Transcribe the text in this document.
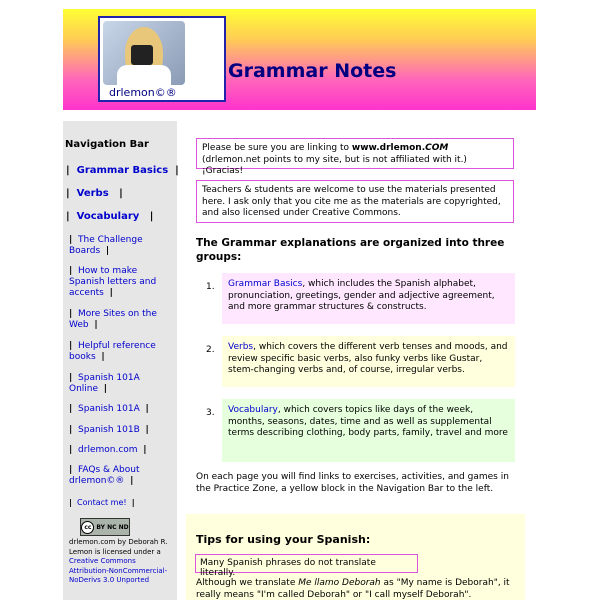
drlemon©®
Grammar Notes
Navigation Bar
| Grammar Basics |
| Verbs |
| Vocabulary |
| The Challenge Boards |
| How to make Spanish letters and accents |
| More Sites on the Web |
| Helpful reference books |
| Spanish 101A Online |
| Spanish 101A |
| Spanish 101B |
| drlemon.com |
| FAQs & About drlemon©® |
| Contact me! |
cc BY NC ND
drlemon.com by Deborah R. Lemon is licensed under a Creative Commons Attribution-NonCommercial-NoDerivs 3.0 Unported
Please be sure you are linking to www.drlemon.COM
(drlemon.net points to my site, but is not affiliated with it.) ¡Gracias!
Teachers & students are welcome to use the materials presented here. I ask only that you cite me as the materials are copyrighted, and also licensed under Creative Commons.
The Grammar explanations are organized into three groups:
1.	Grammar Basics, which includes the Spanish alphabet, pronunciation, greetings, gender and adjective agreement, and more grammar structures & constructs.
2.	Verbs, which covers the different verb tenses and moods, and review specific basic verbs, also funky verbs like Gustar, stem-changing verbs and, of course, irregular verbs.
3.	Vocabulary, which covers topics like days of the week, months, seasons, dates, time and as well as supplemental terms describing clothing, body parts, family, travel and more
On each page you will find links to exercises, activities, and games in the Practice Zone, a yellow block in the Navigation Bar to the left.
Tips for using your Spanish:
Many Spanish phrases do not translate literally.
Although we translate Me llamo Deborah as "My name is Deborah", it really means "I'm called Deborah" or "I call myself Deborah".
